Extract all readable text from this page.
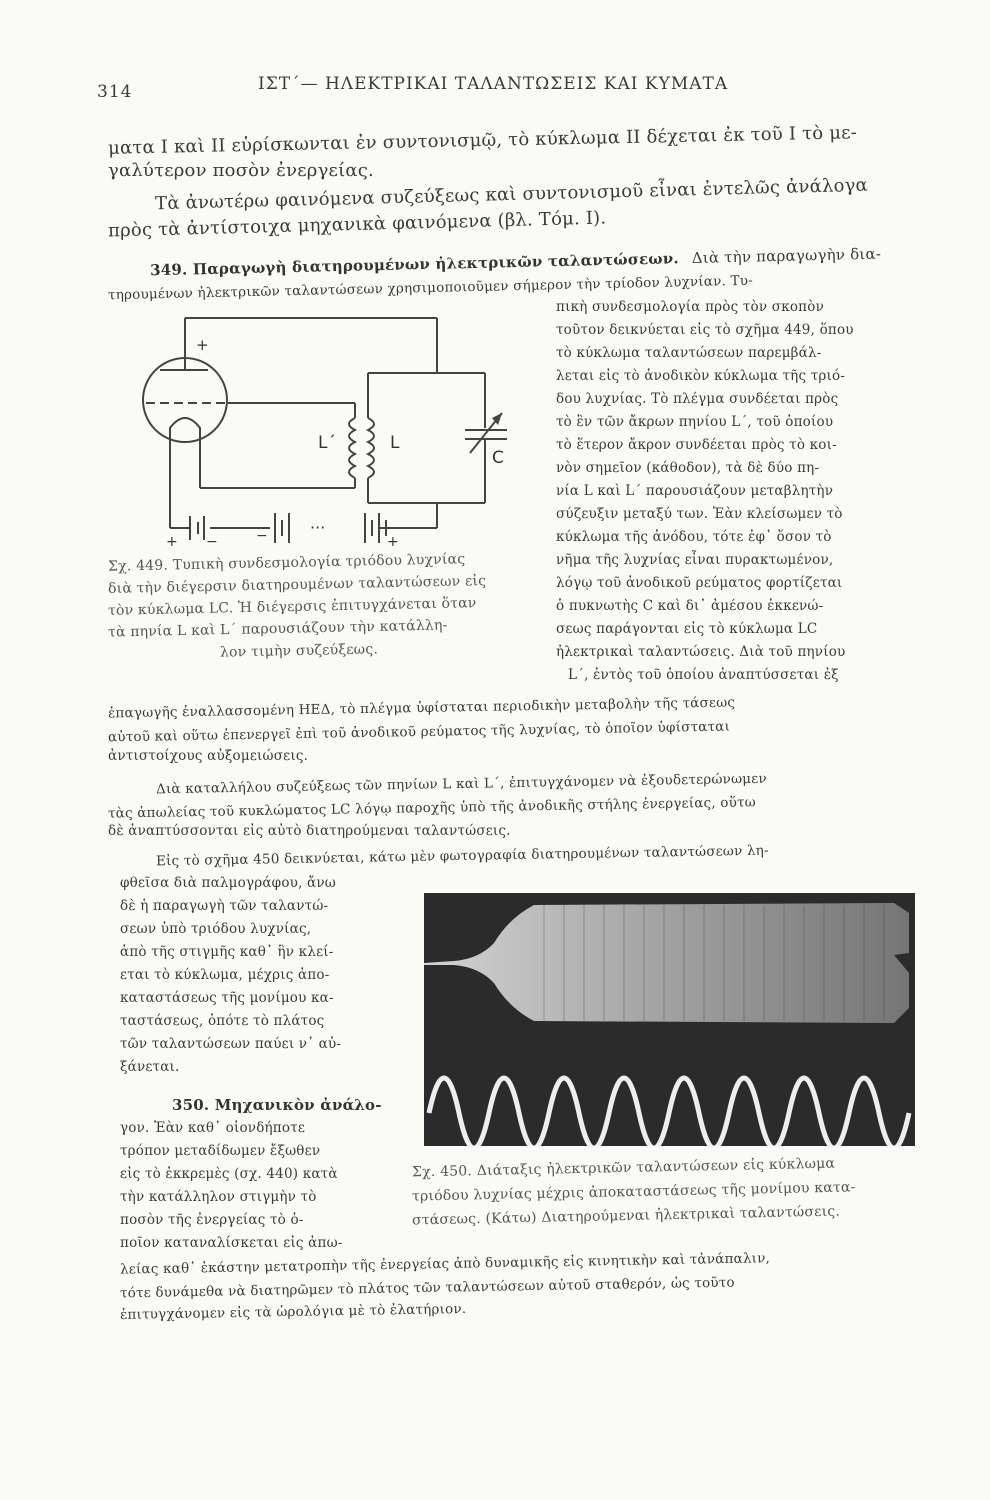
314	ΙΣΤ΄— ΗΛΕΚΤΡΙΚΑΙ ΤΑΛΑΝΤΩΣΕΙΣ ΚΑΙ ΚΥΜΑΤΑ
ματα Ι καὶ ΙΙ εὑρίσκωνται ἐν συντονισμῷ, τὸ κύκλωμα ΙΙ δέχεται ἐκ τοῦ Ι τὸ με-
γαλύτερον ποσὸν ἐνεργείας.
Τὰ ἀνωτέρω φαινόμενα συζεύξεως καὶ συντονισμοῦ εἶναι ἐντελῶς ἀνάλογα
πρὸς τὰ ἀντίστοιχα μηχανικὰ φαινόμενα (βλ. Τόμ. Ι).
349. Παραγωγὴ διατηρουμένων ἠλεκτρικῶν ταλαντώσεων. Διὰ τὴν παραγωγὴν δια-
τηρουμένων ἠλεκτρικῶν ταλαντώσεων χρησιμοποιοῦμεν σήμερον τὴν τρίοδον λυχνίαν. Τυ-
πικὴ συνδεσμολογία πρὸς τὸν σκοπὸν
τοῦτον δεικνύεται εἰς τὸ σχῆμα 449, ὅπου
τὸ κύκλωμα ταλαντώσεων παρεμβάλ-
λεται εἰς τὸ ἀνοδικὸν κύκλωμα τῆς τριό-
δου λυχνίας. Τὸ πλέγμα συνδέεται πρὸς
τὸ ἓν τῶν ἄκρων πηνίου L΄, τοῦ ὁποίου
τὸ ἕτερον ἄκρον συνδέεται πρὸς τὸ κοι-
νὸν σημεῖον (κάθοδον), τὰ δὲ δύο πη-
νία L καὶ L΄ παρουσιάζουν μεταβλητὴν
σύζευξιν μεταξύ των. Ἐὰν κλείσωμεν τὸ
κύκλωμα τῆς ἀνόδου, τότε ἐφ᾿ ὅσον τὸ
νῆμα τῆς λυχνίας εἶναι πυρακτωμένον,
λόγῳ τοῦ ἀνοδικοῦ ρεύματος φορτίζεται
ὁ πυκνωτὴς C καὶ δι᾿ ἀμέσου ἐκκενώ-
σεως παράγονται εἰς τὸ κύκλωμα LC
ἠλεκτρικαὶ ταλαντώσεις. Διὰ τοῦ πηνίου
L΄, ἐντὸς τοῦ ὁποίου ἀναπτύσσεται ἐξ
+
L΄	L
C
+ −	−	···
+
Σχ. 449. Τυπικὴ συνδεσμολογία τριόδου λυχνίας
διὰ τὴν διέγερσιν διατηρουμένων ταλαντώσεων εἰς
τὸν κύκλωμα LC. Ἡ διέγερσις ἐπιτυγχάνεται ὅταν
τὰ πηνία L καὶ L΄ παρουσιάζουν τὴν κατάλλη-
λον τιμὴν συζεύξεως.
ἐπαγωγῆς ἐναλλασσομένη ΗΕΔ, τὸ πλέγμα ὑφίσταται περιοδικὴν μεταβολὴν τῆς τάσεως
αὐτοῦ καὶ οὕτω ἐπενεργεῖ ἐπὶ τοῦ ἀνοδικοῦ ρεύματος τῆς λυχνίας, τὸ ὁποῖον ὑφίσταται
ἀντιστοίχους αὐξομειώσεις.
Διὰ καταλλήλου συζεύξεως τῶν πηνίων L καὶ L΄, ἐπιτυγχάνομεν νὰ ἐξουδετερώνωμεν
τὰς ἀπωλείας τοῦ κυκλώματος LC λόγῳ παροχῆς ὑπὸ τῆς ἀνοδικῆς στήλης ἐνεργείας, οὕτω
δὲ ἀναπτύσσονται εἰς αὐτὸ διατηρούμεναι ταλαντώσεις.
Εἰς τὸ σχῆμα 450 δεικνύεται, κάτω μὲν φωτογραφία διατηρουμένων ταλαντώσεων λη-
φθεῖσα διὰ παλμογράφου, ἄνω
δὲ ἡ παραγωγὴ τῶν ταλαντώ-
σεων ὑπὸ τριόδου λυχνίας,
ἀπὸ τῆς στιγμῆς καθ᾿ ἣν κλεί-
εται τὸ κύκλωμα, μέχρις ἀπο-
καταστάσεως τῆς μονίμου κα-
ταστάσεως, ὁπότε τὸ πλάτος
τῶν ταλαντώσεων παύει ν᾿ αὐ-
ξάνεται.
350. Μηχανικὸν ἀνάλο-
γον. Ἐὰν καθ᾿ οἱονδήποτε
τρόπον μεταδίδωμεν ἔξωθεν
εἰς τὸ ἐκκρεμὲς (σχ. 440) κατὰ
τὴν κατάλληλον στιγμὴν τὸ
ποσὸν τῆς ἐνεργείας τὸ ὁ-
ποῖον καταναλίσκεται εἰς ἀπω-
Σχ. 450. Διάταξις ἠλεκτρικῶν ταλαντώσεων εἰς κύκλωμα
τριόδου λυχνίας μέχρις ἀποκαταστάσεως τῆς μονίμου κατα-
στάσεως. (Κάτω) Διατηρούμεναι ἠλεκτρικαὶ ταλαντώσεις.
λείας καθ᾿ ἑκάστην μετατροπὴν τῆς ἐνεργείας ἀπὸ δυναμικῆς εἰς κινητικὴν καὶ τἀνάπαλιν,
τότε δυνάμεθα νὰ διατηρῶμεν τὸ πλάτος τῶν ταλαντώσεων αὐτοῦ σταθερόν, ὡς τοῦτο
ἐπιτυγχάνομεν εἰς τὰ ὡρολόγια μὲ τὸ ἐλατήριον.
